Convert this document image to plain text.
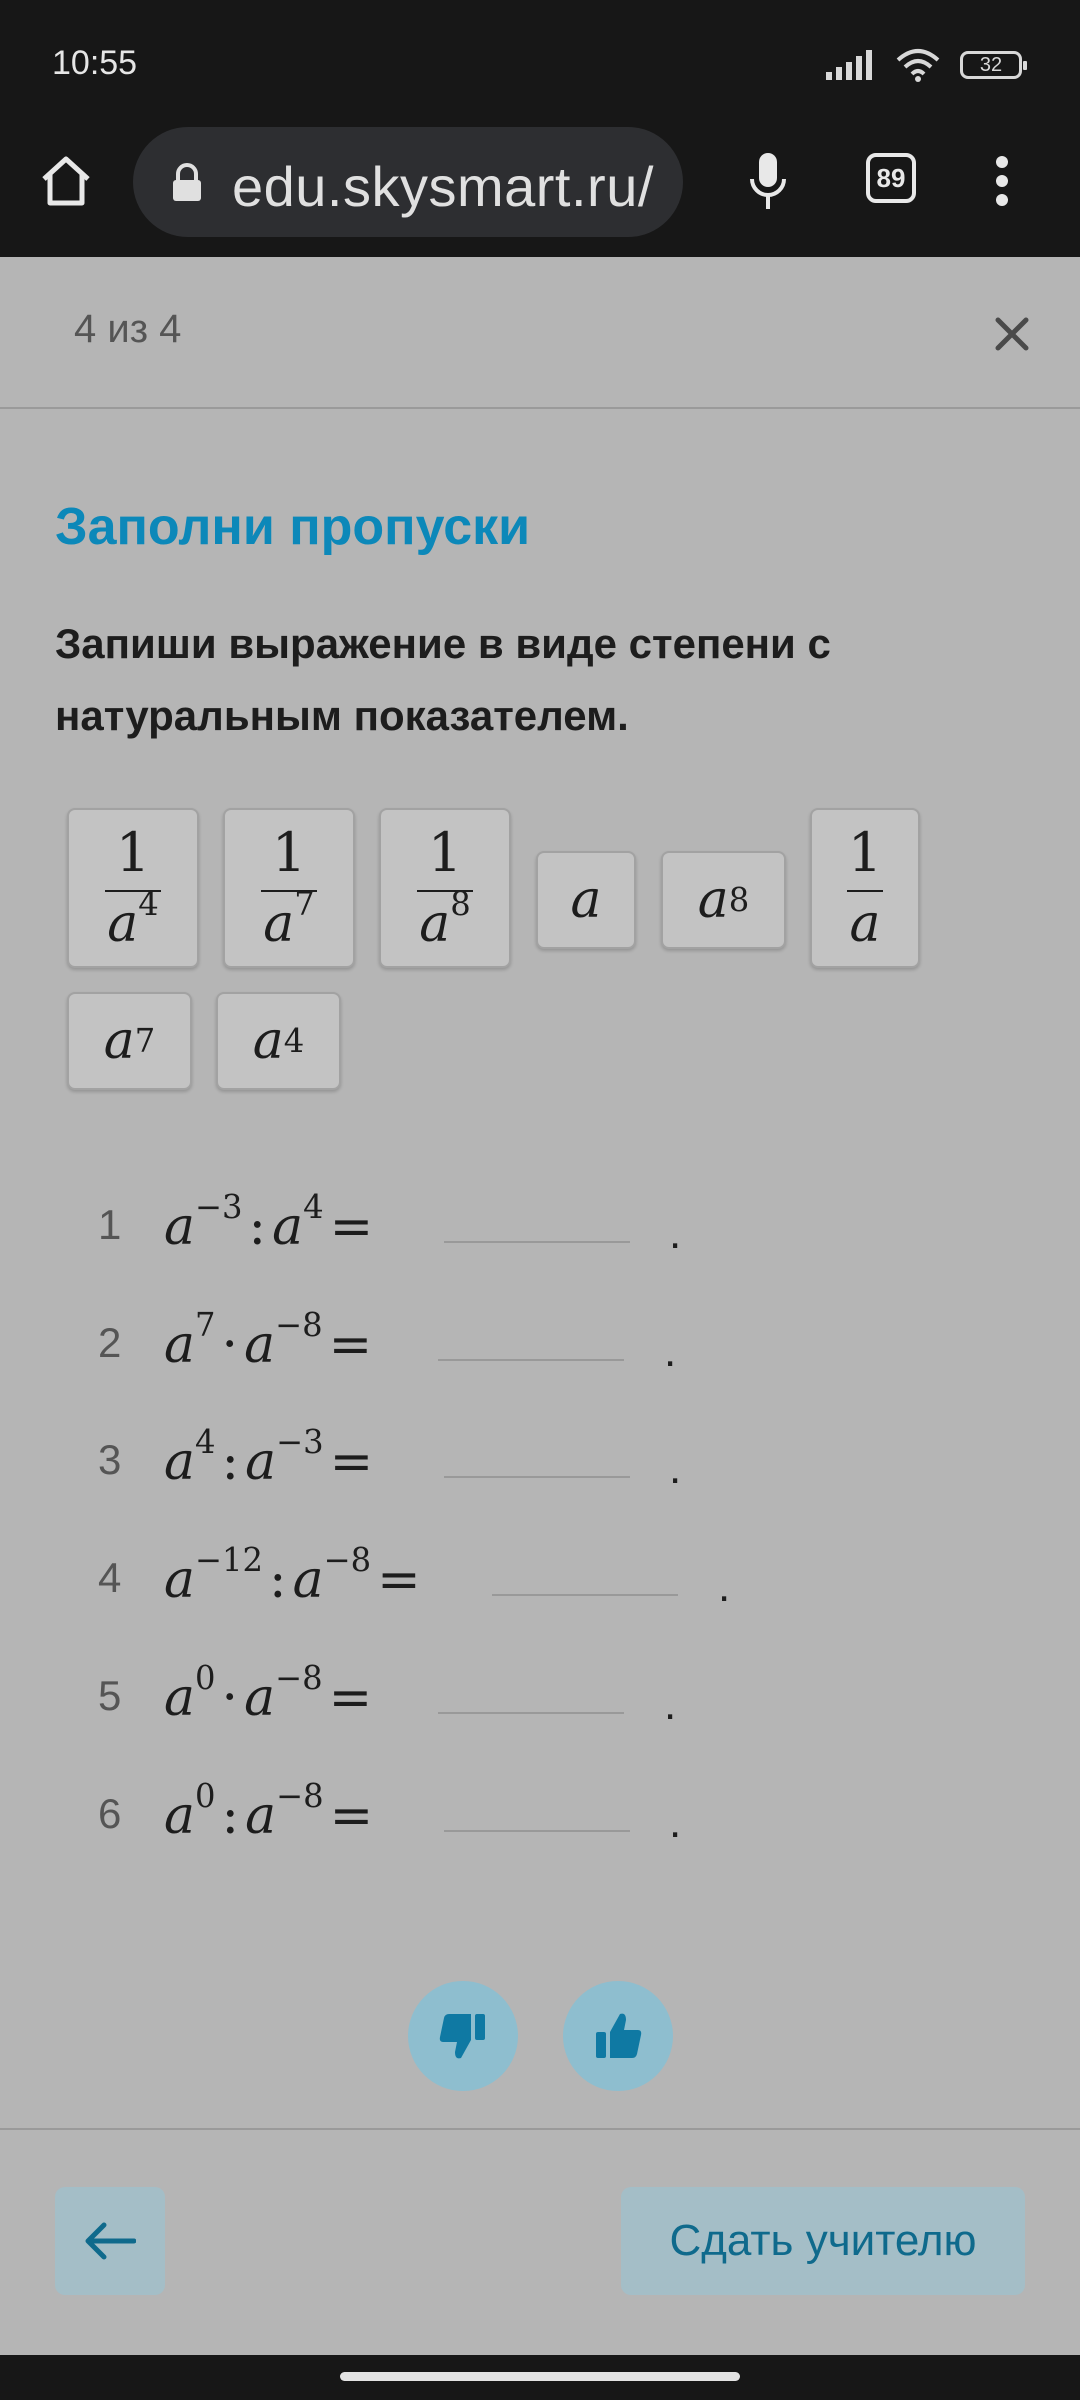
10:55	32
edu.skysmart.ru/	89
4 из 4
Заполни пропуски
Запиши выражение в виде степени с натуральным показателем.
$\frac{1}{a^4} \frac{1}{a^7} \frac{1}{a^8}$ a a $8 \frac{1}{a}$
a 7 a 4
1 $a^{-3}$ : $a^4$ =	.
2 $a^7 \cdot a^{-8}$ =	.
3 $a^4$ : $a^{-3}$ =	.
4 $a^{-12}$ : $a^{-8}$ =	.
5 $a^0 \cdot a^{-8}$ =	.
6 $a^0$ : $a^{-8}$ =	.
Сдать учителю
